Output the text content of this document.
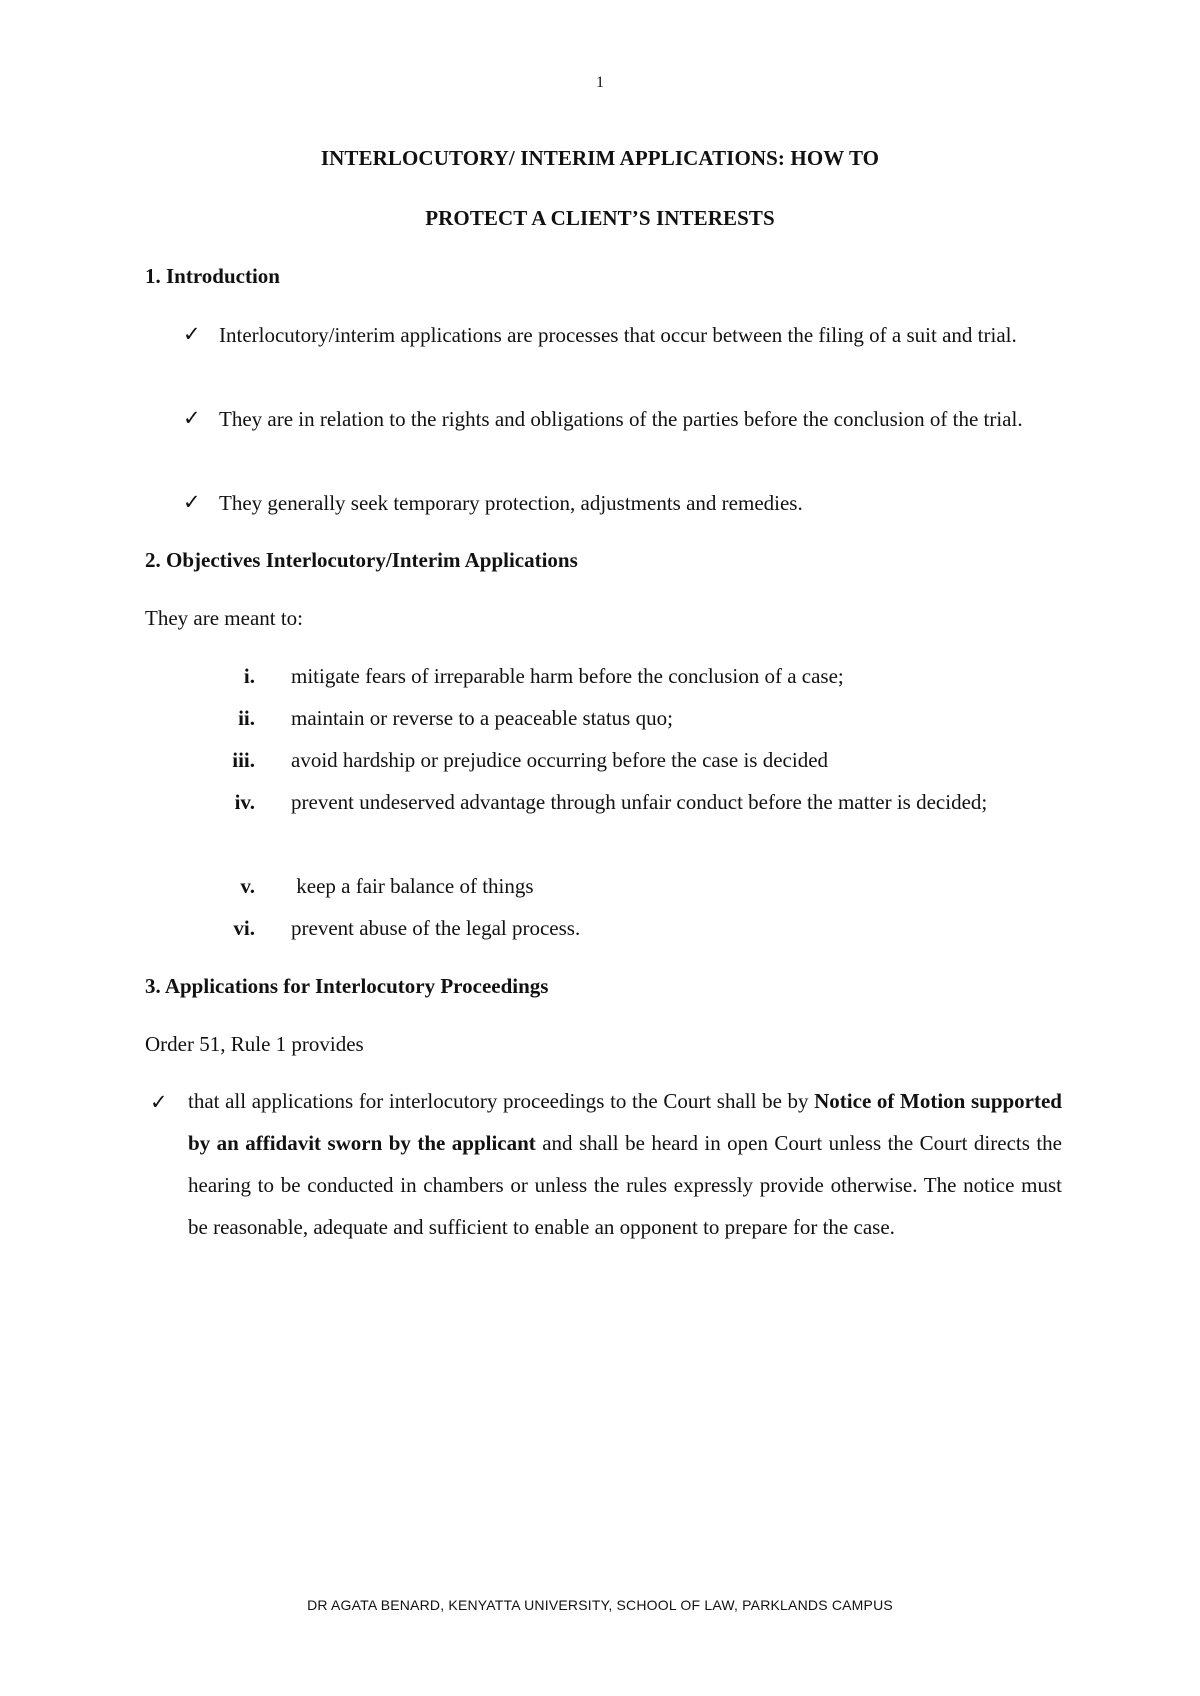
1
INTERLOCUTORY/ INTERIM APPLICATIONS: HOW TO
PROTECT A CLIENT’S INTERESTS
1. Introduction
✓ Interlocutory/interim applications are processes that occur between the filing of a suit and trial.
✓ They are in relation to the rights and obligations of the parties before the conclusion of the trial.
✓ They generally seek temporary protection, adjustments and remedies.
2. Objectives Interlocutory/Interim Applications
They are meant to:
i. mitigate fears of irreparable harm before the conclusion of a case;
ii. maintain or reverse to a peaceable status quo;
iii. avoid hardship or prejudice occurring before the case is decided
iv. prevent undeserved advantage through unfair conduct before the matter is decided;
v. keep a fair balance of things
vi. prevent abuse of the legal process.
3. Applications for Interlocutory Proceedings
Order 51, Rule 1 provides
✓ that all applications for interlocutory proceedings to the Court shall be by Notice of Motion supported by an affidavit sworn by the applicant and shall be heard in open Court unless the Court directs the hearing to be conducted in chambers or unless the rules expressly provide otherwise. The notice must be reasonable, adequate and sufficient to enable an opponent to prepare for the case.
DR AGATA BENARD, KENYATTA UNIVERSITY, SCHOOL OF LAW, PARKLANDS CAMPUS
